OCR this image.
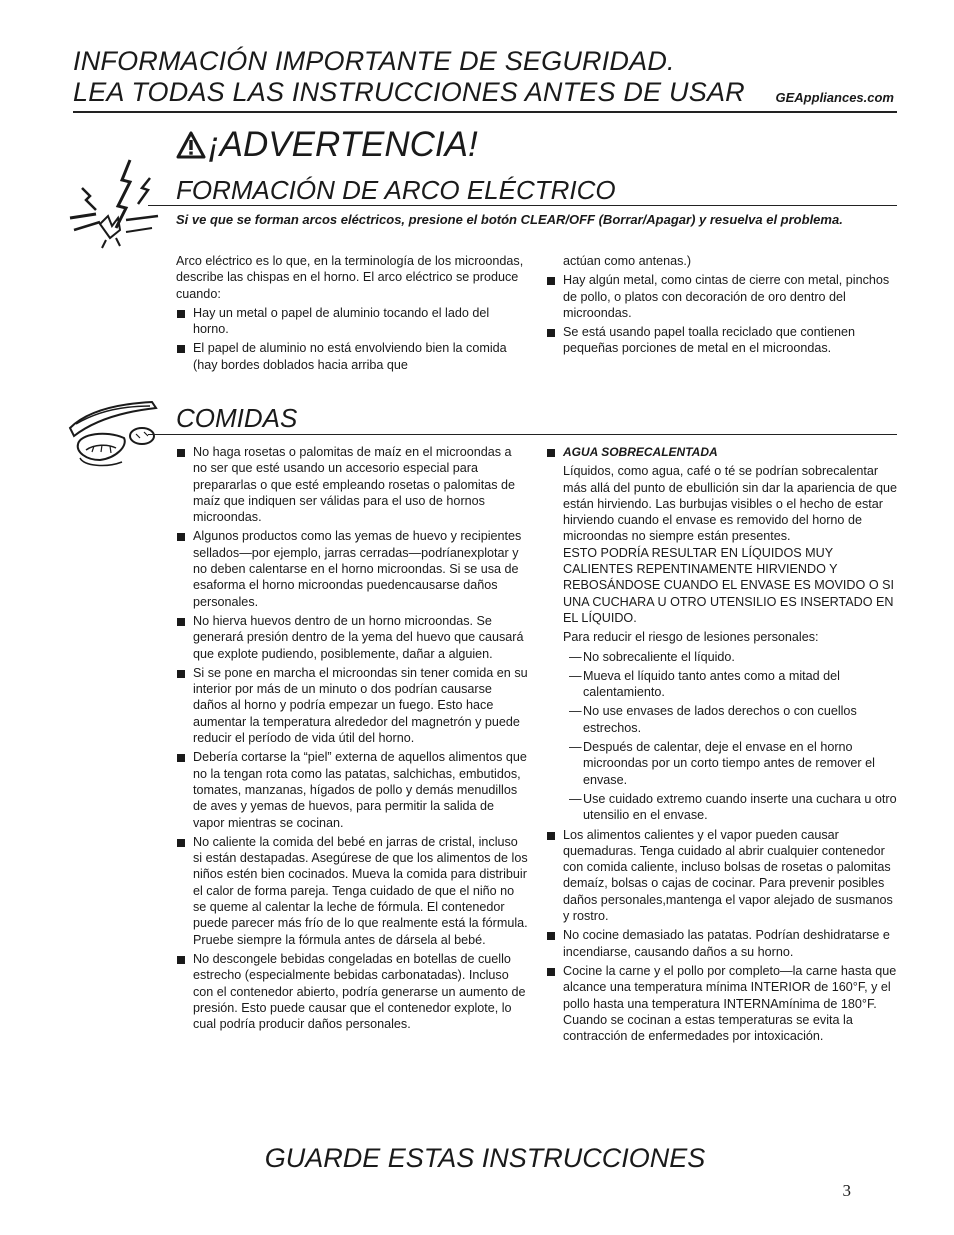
INFORMACIÓN IMPORTANTE DE SEGURIDAD.
LEA TODAS LAS INSTRUCCIONES ANTES DE USAR	GEAppliances.com
¡ADVERTENCIA!
FORMACIÓN DE ARCO ELÉCTRICO

Si ve que se forman arcos eléctricos, presione el botón CLEAR/OFF (Borrar/Apagar) y resuelva el problema.

Arco eléctrico es lo que, en la terminología de los microondas, describe las chispas en el horno. El arco eléctrico se produce cuando:

Hay un metal o papel de aluminio tocando el lado del horno.
El papel de aluminio no está envolviendo bien la comida (hay bordes doblados hacia arriba que

actúan como antenas.)

Hay algún metal, como cintas de cierre con metal, pinchos de pollo, o platos con decoración de oro dentro del microondas.
Se está usando papel toalla reciclado que contienen pequeñas porciones de metal en el microondas.
COMIDAS
No haga rosetas o palomitas de maíz en el microondas a no ser que esté usando un accesorio especial para prepararlas o que esté empleando rosetas o palomitas de maíz que indiquen ser válidas para el uso de hornos microondas.
Algunos productos como las yemas de huevo y recipientes sellados—por ejemplo, jarras cerradas—podríanexplotar y no deben calentarse en el horno microondas. Si se usa de esaforma el horno microondas puedencausarse daños personales.
No hierva huevos dentro de un horno microondas. Se generará presión dentro de la yema del huevo que causará que explote pudiendo, posiblemente, dañar a alguien.
Si se pone en marcha el microondas sin tener comida en su interior por más de un minuto o dos podrían causarse daños al horno y podría empezar un fuego. Esto hace aumentar la temperatura alrededor del magnetrón y puede reducir el período de vida útil del horno.
Debería cortarse la “piel” externa de aquellos alimentos que no la tengan rota como las patatas, salchichas, embutidos, tomates, manzanas, hígados de pollo y demás menudillos de aves y yemas de huevos, para permitir la salida de vapor mientras se cocinan.
No caliente la comida del bebé en jarras de cristal, incluso si están destapadas. Asegúrese de que los alimentos de los niños estén bien cocinados. Mueva la comida para distribuir el calor de forma pareja. Tenga cuidado de que el niño no se queme al calentar la leche de fórmula. El contenedor puede parecer más frío de lo que realmente está la fórmula. Pruebe siempre la fórmula antes de dársela al bebé.
No descongele bebidas congeladas en botellas de cuello estrecho (especialmente bebidas carbonatadas). Incluso con el contenedor abierto, podría generarse un aumento de presión. Esto puede causar que el contenedor explote, lo cual podría producir daños personales.
AGUA SOBRECALENTADA

Líquidos, como agua, café o té se podrían sobrecalentar más allá del punto de ebullición sin dar la apariencia de que están hirviendo. Las burbujas visibles o el hecho de estar hirviendo cuando el envase es removido del horno de microondas no siempre están presentes.

ESTO PODRÍA RESULTAR EN LÍQUIDOS MUY CALIENTES REPENTINAMENTE HIRVIENDO Y REBOSÁNDOSE CUANDO EL ENVASE ES MOVIDO O SI UNA CUCHARA U OTRO UTENSILIO ES INSERTADO EN EL LÍQUIDO.

Para reducir el riesgo de lesiones personales:

— No sobrecaliente el líquido.
— Mueva el líquido tanto antes como a mitad del calentamiento.
— No use envases de lados derechos o con cuellos estrechos.
— Después de calentar, deje el envase en el horno microondas por un corto tiempo antes de remover el envase.
— Use cuidado extremo cuando inserte una cuchara u otro utensilio en el envase.
Los alimentos calientes y el vapor pueden causar quemaduras. Tenga cuidado al abrir cualquier contenedor con comida caliente, incluso bolsas de rosetas o palomitas demaíz, bolsas o cajas de cocinar. Para prevenir posibles daños personales,mantenga el vapor alejado de susmanos y rostro.
No cocine demasiado las patatas. Podrían deshidratarse e incendiarse, causando daños a su horno.
Cocine la carne y el pollo por completo—la carne hasta que alcance una temperatura mínima INTERIOR de 160°F, y el pollo hasta una temperatura INTERNAmínima de 180°F. Cuando se cocinan a estas temperaturas se evita la contracción de enfermedades por intoxicación.
GUARDE ESTAS INSTRUCCIONES
3
